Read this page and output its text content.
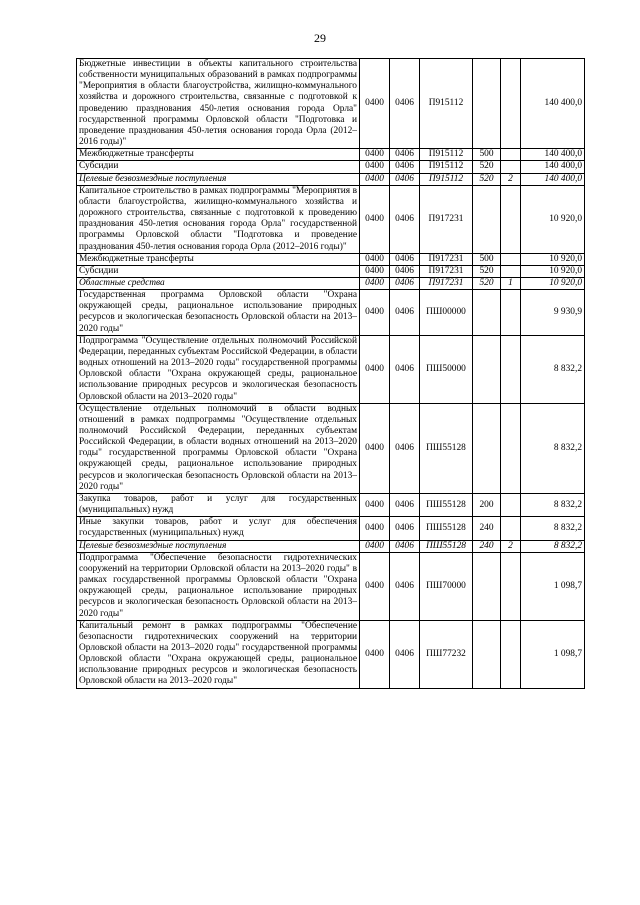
29
Бюджетные инвестиции в объекты капитального строительства собственности муниципальных образований в рамках подпрограммы "Мероприятия в области благоустройства, жилищно-коммунального хозяйства и дорожного строительства, связанные с подготовкой к проведению празднования 450-летия основания города Орла" государственной программы Орловской области "Подготовка и проведение празднования 450-летия основания города Орла (2012–2016 годы)"	0400	0406	П915112			140 400,0
Межбюджетные трансферты	0400	0406	П915112	500		140 400,0
Субсидии	0400	0406	П915112	520		140 400,0
Целевые безвозмездные поступления	0400	0406	П915112	520	2	140 400,0
Капитальное строительство в рамках подпрограммы "Мероприятия в области благоустройства, жилищно-коммунального хозяйства и дорожного строительства, связанные с подготовкой к проведению празднования 450-летия основания города Орла" государственной программы Орловской области "Подготовка и проведение празднования 450-летия основания города Орла (2012–2016 годы)"	0400	0406	П917231			10 920,0
Межбюджетные трансферты	0400	0406	П917231	500		10 920,0
Субсидии	0400	0406	П917231	520		10 920,0
Областные средства	0400	0406	П917231	520	1	10 920,0
Государственная программа Орловской области "Охрана окружающей среды, рациональное использование природных ресурсов и экологическая безопасность Орловской области на 2013–2020 годы"	0400	0406	ПШ00000			9 930,9
Подпрограмма "Осуществление отдельных полномочий Российской Федерации, переданных субъектам Российской Федерации, в области водных отношений на 2013–2020 годы" государственной программы Орловской области "Охрана окружающей среды, рациональное использование природных ресурсов и экологическая безопасность Орловской области на 2013–2020 годы"	0400	0406	ПШ50000			8 832,2
Осуществление отдельных полномочий в области водных отношений в рамках подпрограммы "Осуществление отдельных полномочий Российской Федерации, переданных субъектам Российской Федерации, в области водных отношений на 2013–2020 годы" государственной программы Орловской области "Охрана окружающей среды, рациональное использование природных ресурсов и экологическая безопасность Орловской области на 2013–2020 годы"	0400	0406	ПШ55128			8 832,2
Закупка товаров, работ и услуг для государственных (муниципальных) нужд	0400	0406	ПШ55128	200		8 832,2
Иные закупки товаров, работ и услуг для обеспечения государственных (муниципальных) нужд	0400	0406	ПШ55128	240		8 832,2
Целевые безвозмездные поступления	0400	0406	ПШ55128	240	2	8 832,2
Подпрограмма "Обеспечение безопасности гидротехнических сооружений на территории Орловской области на 2013–2020 годы" в рамках государственной программы Орловской области "Охрана окружающей среды, рациональное использование природных ресурсов и экологическая безопасность Орловской области на 2013–2020 годы"	0400	0406	ПШ70000			1 098,7
Капитальный ремонт в рамках подпрограммы "Обеспечение безопасности гидротехнических сооружений на территории Орловской области на 2013–2020 годы" государственной программы Орловской области "Охрана окружающей среды, рациональное использование природных ресурсов и экологическая безопасность Орловской области на 2013–2020 годы"	0400	0406	ПШ77232			1 098,7
